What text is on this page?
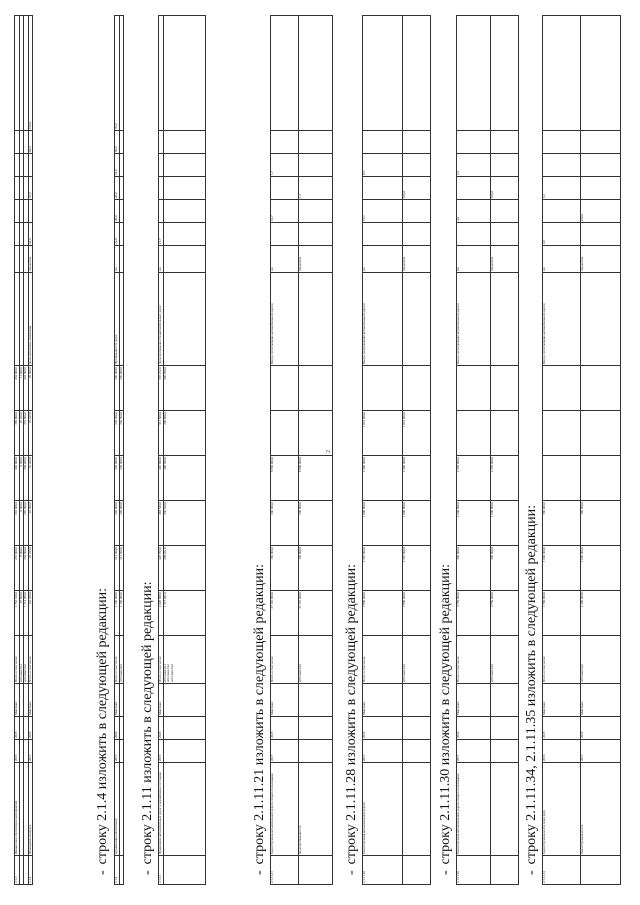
2.1.3	Финансовое обеспечение мероприятий	2016	2018	Минтранс	Всего, в том числе:	1 762 100,0	272 000,0	301 000,0	349 000,0	386 000,0	454 000,0								
					источник №1	47 800,0	8 000,0	9 000,0	9 600,0	10 200,0	11 000,0								
					источник №2	1 714 300,0	264 000,0	292 000,0	339 400,0	375 800,0	443 000,0								
2.1.4	Проведение конкурса	2017	2020	Минтранс	Всего, в том числе:	122 345,0	20 100,0	22 300,0	24 200,0	26 445,0	29 300,0	Доля населения, охваченная	процентов	44,0		62,0		84,0	100,0
-строку 2.1.4 изложить в следующей редакции:
2.1.4	Организация обеспечения	2017	2020	Минтранс	Всего, в том числе:	1 150 000,0	213 500,0	220 000,0	230 000,0	236 500,0	250 000,0	Протяженность дорог	км	22,0	40,0	46,0	52,0	60,0	70,0
					источник №2	1 150 000,0	213 500,0	220 000,0	230 000,0	236 500,0	250 000,0								
-строку 2.1.11 изложить в следующей редакции:
2.1.11	Приведение автомобильных дорог в нормативное состояние	2016	2020	Минтранс	Всего, в том числе:	2 448 098,0	426 706,0	483 540,0	491 000,0	511 600,0	535 252,0	Доля протяженности автомобильных дорог	км	21,7					
					источник №1
источник №2
источник №3	1 377 491,0	239 421,0	260 620,0	280 500,0	290 900,0	306 050,0								
-строку 2.1.11.21 изложить в следующей редакции:
2.1.11.21	Реконструкция автомобильной дороги общего пользования	2017	2018	Минтранс	Всего, в том числе:	37 110 000,0	150 000,0	600 000,0	8 800 000,0			Ввод в эксплуатацию автомобильной дороги	км		10,7		1,7		
	Доля протяженности				источник №2	37 110 000,0	150 000,0	600 000,0	8 800 000,0				процентов			1,7			
-строку 2.1.11.28 изложить в следующей редакции:
2.1.11.28	Реконструкция автомобильной дороги	2017	2019	Минтранс	Всего, в том числе:	7 800 000,0	2 587 000,0	1 000 000,0	2 300 000,0	1 913 000,0		Ввод в эксплуатацию автомобильной дороги	км		15,7		8,5		
					источник №2	7 800 000,0	2 587 000,0	1 000 000,0	2 300 000,0	1 913 000,0			процентов			100,0			
-строку 2.1.11.30 изложить в следующей редакции:
2.1.11.30	Реконструкция автомобильной дороги общего пользования	2017	2019	Минтранс	Всего, в том числе:	3 750 000,0	300 000,0	1 200 000,0	2 250 000,0			Ввод в эксплуатацию автомобильной дороги	км		4,0		2,5		
					источник №2	3 750 000,0	300 000,0	1 200 000,0	2 250 000,0				процентов			100,0			
-строку 2.1.11.34, 2.1.11.35 изложить в следующей редакции:
2.1.11.34	Реконструкция моста через реку	2016	2018	Минтранс	Всего, в том числе:	1 790 000,0	1 000 000,0	790 000,0				Ввод в эксплуатацию автомобильной дороги	км	0,5		0,1			
	Реконструкция моста	2017	2019	Минтранс	источник №2	1 790 000,0	1 000 000,0	790 000,0					процентов		100,0				
2
